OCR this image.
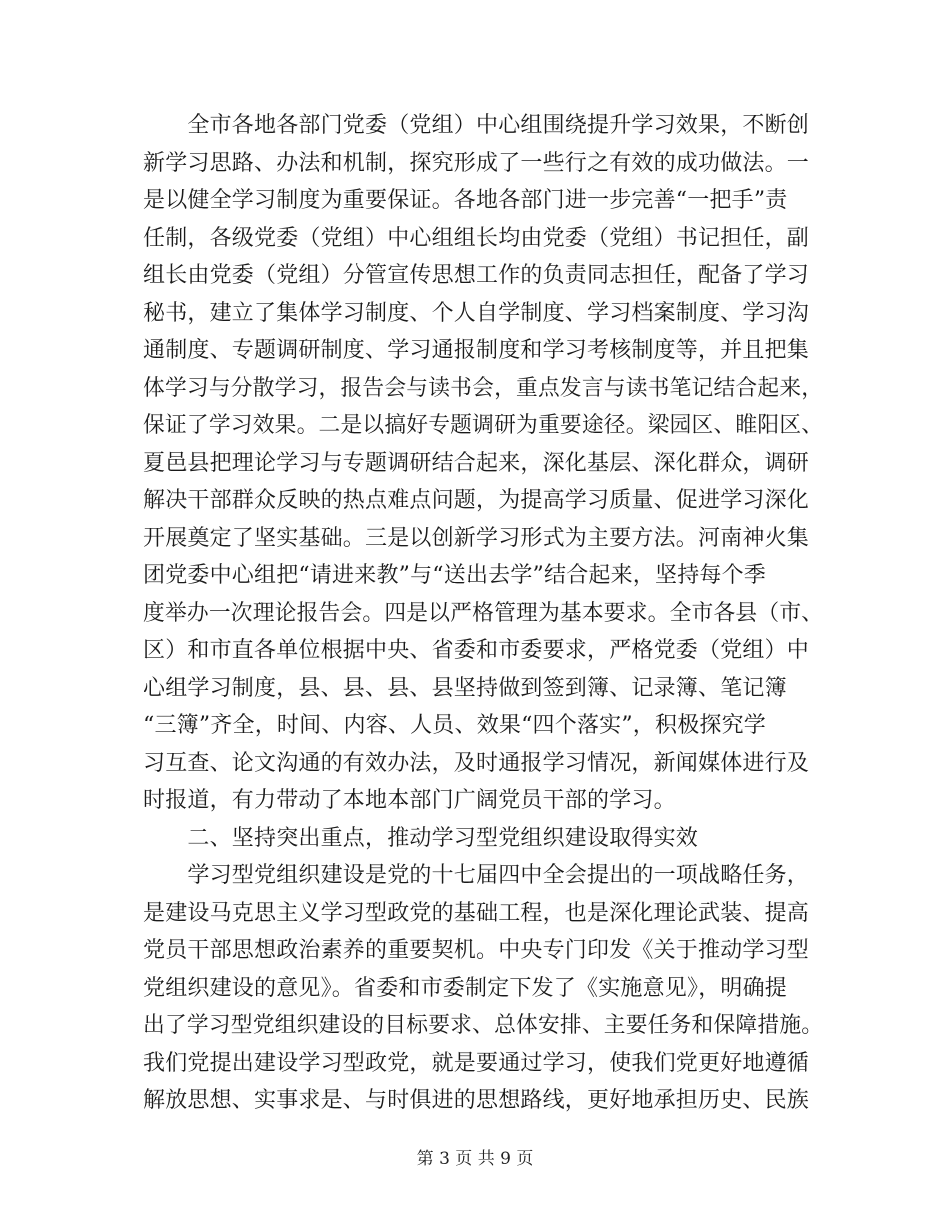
　　全市各地各部门党委（党组）中心组围绕提升学习效果，不断创
新学习思路、办法和机制，探究形成了一些行之有效的成功做法。一
是以健全学习制度为重要保证。各地各部门进一步完善“一把手”责
任制，各级党委（党组）中心组组长均由党委（党组）书记担任，副
组长由党委（党组）分管宣传思想工作的负责同志担任，配备了学习
秘书，建立了集体学习制度、个人自学制度、学习档案制度、学习沟
通制度、专题调研制度、学习通报制度和学习考核制度等，并且把集
体学习与分散学习，报告会与读书会，重点发言与读书笔记结合起来，
保证了学习效果。二是以搞好专题调研为重要途径。梁园区、睢阳区、
夏邑县把理论学习与专题调研结合起来，深化基层、深化群众，调研
解决干部群众反映的热点难点问题，为提高学习质量、促进学习深化
开展奠定了坚实基础。三是以创新学习形式为主要方法。河南神火集
团党委中心组把“请进来教”与“送出去学”结合起来，坚持每个季
度举办一次理论报告会。四是以严格管理为基本要求。全市各县（市、
区）和市直各单位根据中央、省委和市委要求，严格党委（党组）中
心组学习制度，县、县、县、县坚持做到签到簿、记录簿、笔记簿
“三簿”齐全，时间、内容、人员、效果“四个落实”，积极探究学
习互查、论文沟通的有效办法，及时通报学习情况，新闻媒体进行及
时报道，有力带动了本地本部门广阔党员干部的学习。
　　二、坚持突出重点，推动学习型党组织建设取得实效
　　学习型党组织建设是党的十七届四中全会提出的一项战略任务，
是建设马克思主义学习型政党的基础工程，也是深化理论武装、提高
党员干部思想政治素养的重要契机。中央专门印发《关于推动学习型
党组织建设的意见》。省委和市委制定下发了《实施意见》，明确提
出了学习型党组织建设的目标要求、总体安排、主要任务和保障措施。
我们党提出建设学习型政党，就是要通过学习，使我们党更好地遵循
解放思想、实事求是、与时俱进的思想路线，更好地承担历史、民族
第 3 页 共 9 页
